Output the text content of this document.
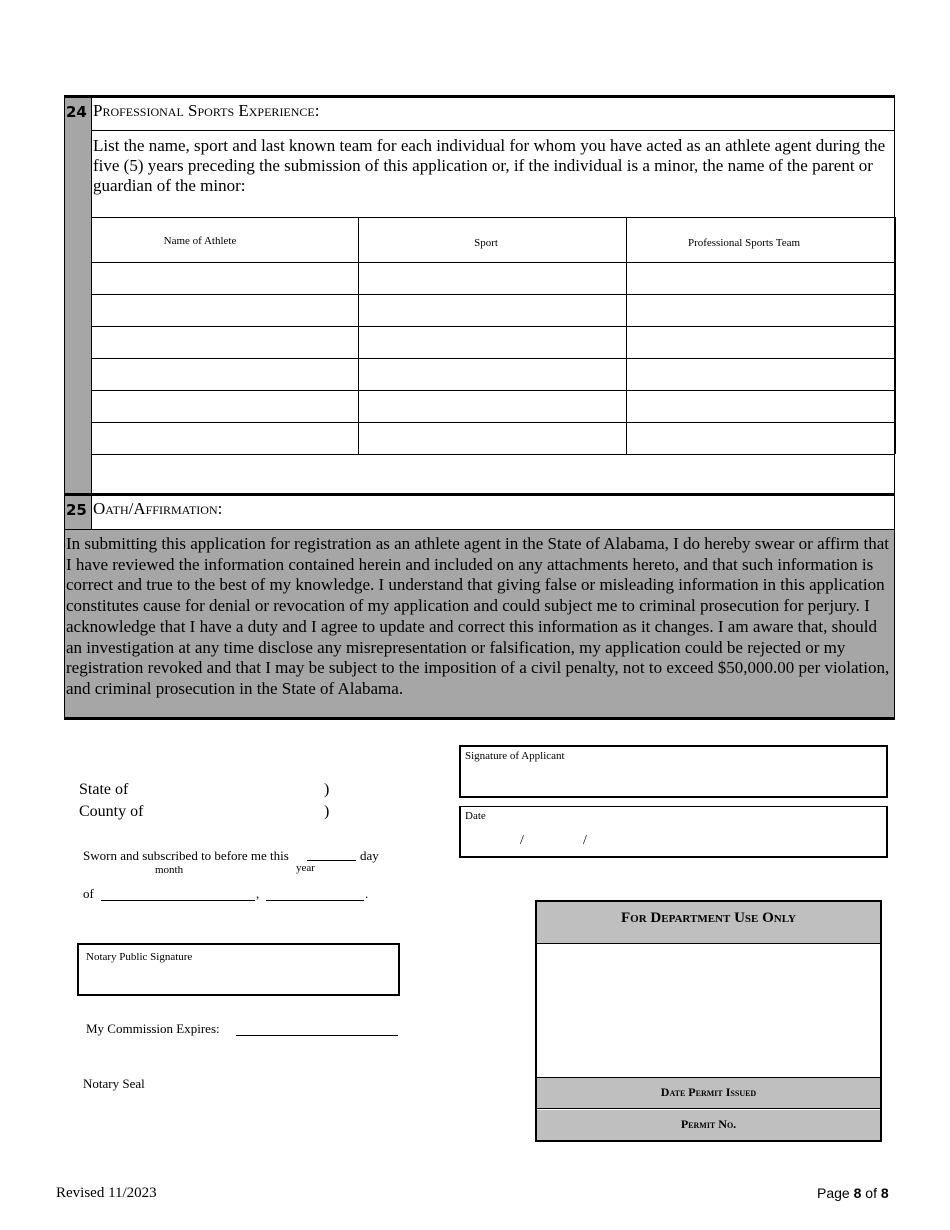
24 Professional Sports Experience:
List the name, sport and last known team for each individual for whom you have acted as an athlete agent during the five (5) years preceding the submission of this application or, if the individual is a minor, the name of the parent or guardian of the minor:
Name of Athlete	Sport	Professional Sports Team
25 Oath/Affirmation:
In submitting this application for registration as an athlete agent in the State of Alabama, I do hereby swear or affirm that I have reviewed the information contained herein and included on any attachments hereto, and that such information is correct and true to the best of my knowledge. I understand that giving false or misleading information in this application constitutes cause for denial or revocation of my application and could subject me to criminal prosecution for perjury. I acknowledge that I have a duty and I agree to update and correct this information as it changes. I am aware that, should an investigation at any time disclose any misrepresentation or falsification, my application could be rejected or my registration revoked and that I may be subject to the imposition of a civil penalty, not to exceed $50,000.00 per violation, and criminal prosecution in the State of Alabama.
State of	)
County of	)
Sworn and subscribed to before me this	day
month	year
of	,	.
Notary Public Signature
My Commission Expires:
Notary Seal
Signature of Applicant
Date
/	/
For Department Use Only
Date Permit Issued
Permit No.
Revised 11/2023	Page 8 of 8
